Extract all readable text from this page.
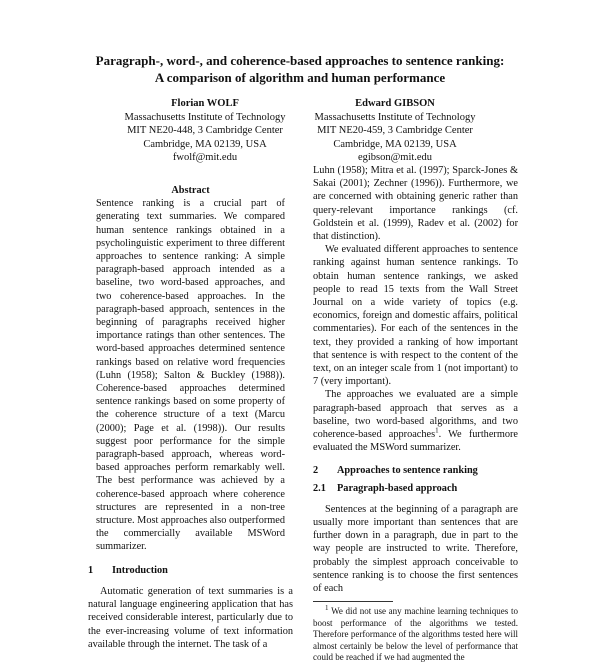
Paragraph-, word-, and coherence-based approaches to sentence ranking:
A comparison of algorithm and human performance
Florian WOLF
Massachusetts Institute of Technology
MIT NE20-448, 3 Cambridge Center
Cambridge, MA 02139, USA
fwolf@mit.edu
Edward GIBSON
Massachusetts Institute of Technology
MIT NE20-459, 3 Cambridge Center
Cambridge, MA 02139, USA
egibson@mit.edu

Abstract

Sentence ranking is a crucial part of generating text summaries. We compared human sentence rankings obtained in a psycholinguistic experiment to three different approaches to sentence ranking: A simple paragraph-based approach intended as a baseline, two word-based approaches, and two coherence-based approaches. In the paragraph-based approach, sentences in the beginning of paragraphs received higher importance ratings than other sentences. The word-based approaches determined sentence rankings based on relative word frequencies (Luhn (1958); Salton & Buckley (1988)). Coherence-based approaches determined sentence rankings based on some property of the coherence structure of a text (Marcu (2000); Page et al. (1998)). Our results suggest poor performance for the simple paragraph-based approach, whereas word-based approaches perform remarkably well. The best performance was achieved by a coherence-based approach where coherence structures are represented in a non-tree structure. Most approaches also outperformed the commercially available MSWord summarizer.

1 Introduction

Automatic generation of text summaries is a natural language engineering application that has received considerable interest, particularly due to the ever-increasing volume of text information available through the internet. The task of a

Luhn (1958); Mitra et al. (1997); Sparck-Jones & Sakai (2001); Zechner (1996)). Furthermore, we are concerned with obtaining generic rather than query-relevant importance rankings (cf. Goldstein et al. (1999), Radev et al. (2002) for that distinction).

We evaluated different approaches to sentence ranking against human sentence rankings. To obtain human sentence rankings, we asked people to read 15 texts from the Wall Street Journal on a wide variety of topics (e.g. economics, foreign and domestic affairs, political commentaries). For each of the sentences in the text, they provided a ranking of how important that sentence is with respect to the content of the text, on an integer scale from 1 (not important) to 7 (very important).

The approaches we evaluated are a simple paragraph-based approach that serves as a baseline, two word-based algorithms, and two coherence-based approaches$^1$. We furthermore evaluated the MSWord summarizer.

2 Approaches to sentence ranking

2.1 Paragraph-based approach

Sentences at the beginning of a paragraph are usually more important than sentences that are further down in a paragraph, due in part to the way people are instructed to write. Therefore, probably the simplest approach conceivable to sentence ranking is to choose the first sentences of each

$^1$ We did not use any machine learning techniques to boost performance of the algorithms we tested. Therefore performance of the algorithms tested here will almost certainly be below the level of performance that could be reached if we had augmented the
